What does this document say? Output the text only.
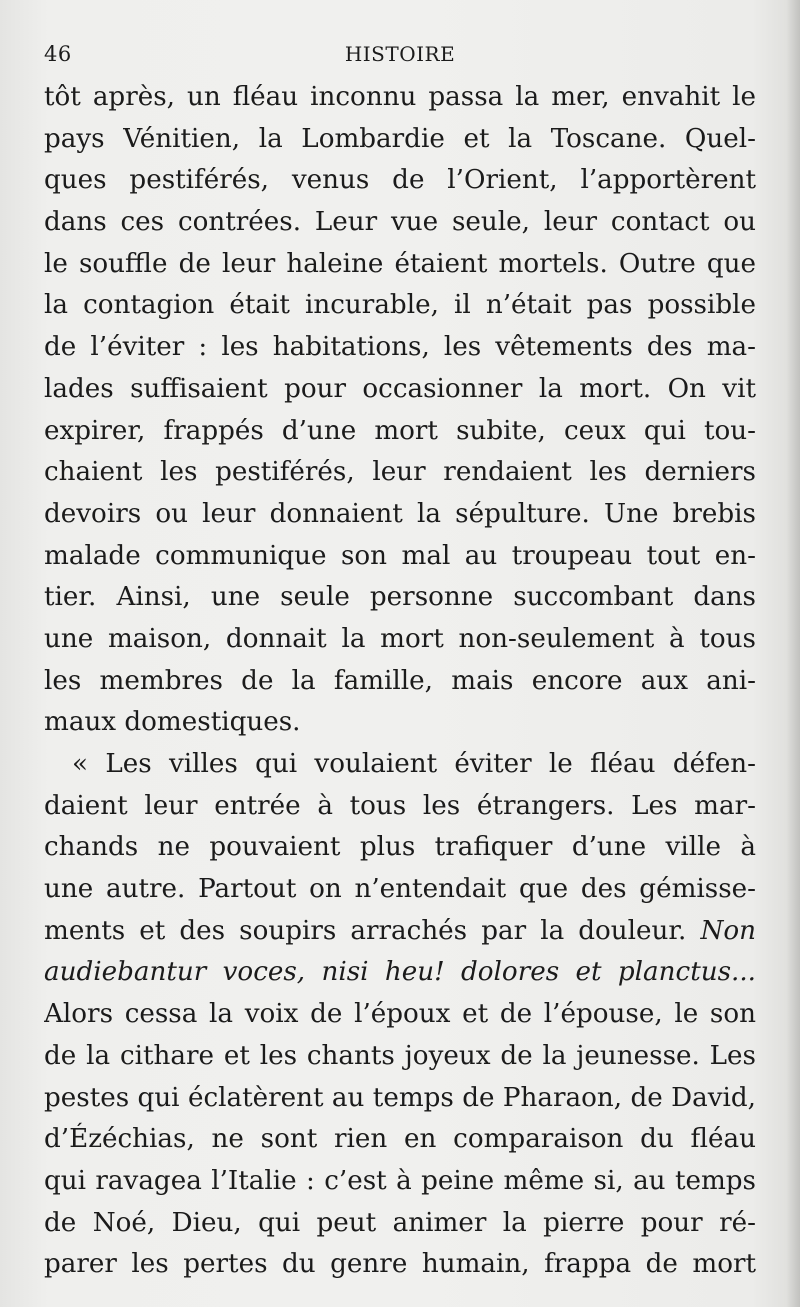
46	HISTOIRE
tôt après, un fléau inconnu passa la mer, envahit le
pays Vénitien, la Lombardie et la Toscane. Quel-
ques pestiférés, venus de l’Orient, l’apportèrent
dans ces contrées. Leur vue seule, leur contact ou
le souffle de leur haleine étaient mortels. Outre que
la contagion était incurable, il n’était pas possible
de l’éviter : les habitations, les vêtements des ma-
lades suffisaient pour occasionner la mort. On vit
expirer, frappés d’une mort subite, ceux qui tou-
chaient les pestiférés, leur rendaient les derniers
devoirs ou leur donnaient la sépulture. Une brebis
malade communique son mal au troupeau tout en-
tier. Ainsi, une seule personne succombant dans
une maison, donnait la mort non-seulement à tous
les membres de la famille, mais encore aux ani-
maux domestiques.
« Les villes qui voulaient éviter le fléau défen-
daient leur entrée à tous les étrangers. Les mar-
chands ne pouvaient plus trafiquer d’une ville à
une autre. Partout on n’entendait que des gémisse-
ments et des soupirs arrachés par la douleur. Non
audiebantur voces, nisi heu! dolores et planctus...
Alors cessa la voix de l’époux et de l’épouse, le son
de la cithare et les chants joyeux de la jeunesse. Les
pestes qui éclatèrent au temps de Pharaon, de David,
d’Ézéchias, ne sont rien en comparaison du fléau
qui ravagea l’Italie : c’est à peine même si, au temps
de Noé, Dieu, qui peut animer la pierre pour ré-
parer les pertes du genre humain, frappa de mort
